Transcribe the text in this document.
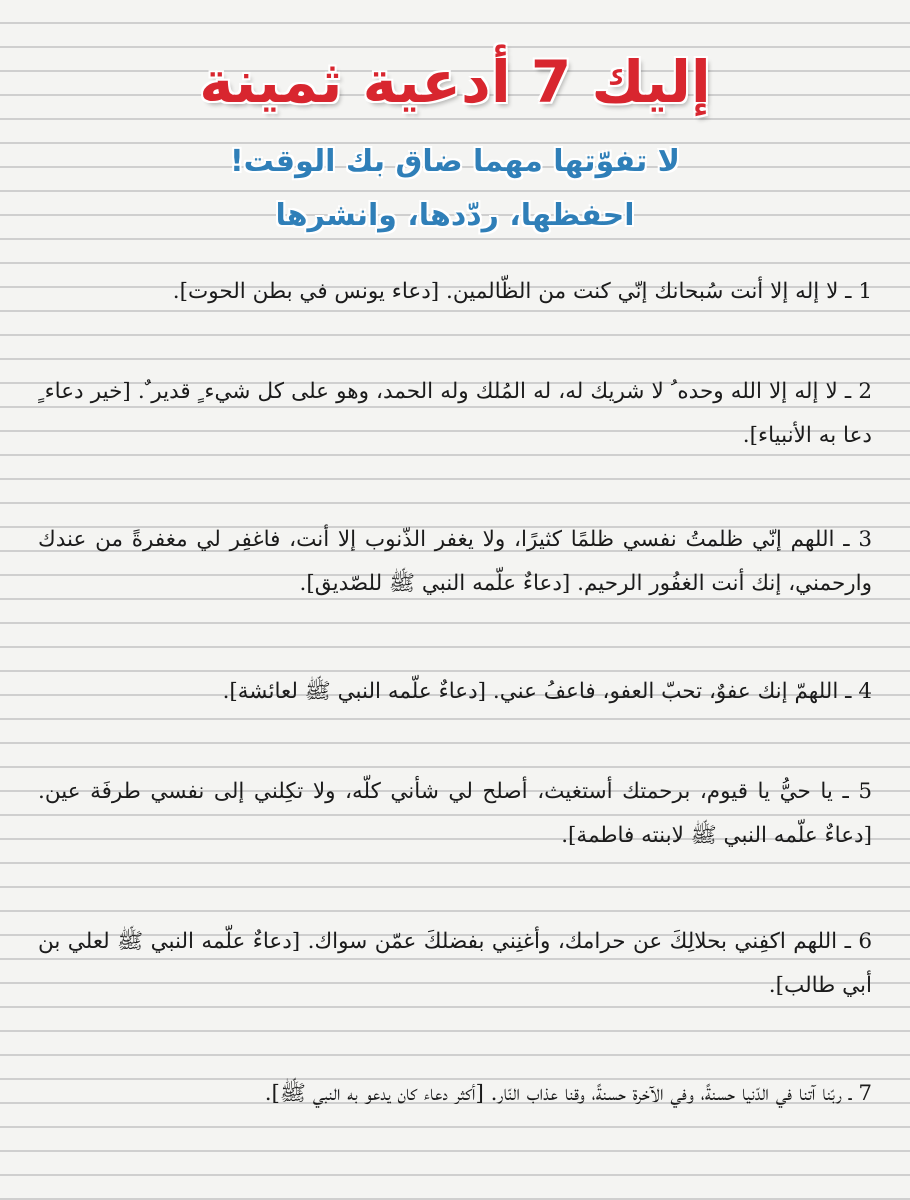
إليك 7 أدعية ثمينة
لا تفوّتها مهما ضاق بك الوقت!
احفظها، ردّدها، وانشرها
1 ـ لا إله إلا أنت سُبحانك إنّي كنت من الظّالمين. [دعاء يونس في بطن الحوت].
2 ـ لا إله إلا الله وحده ُ لا شريك له، له المُلك وله الحمد، وهو على كل شيء ٍ قدير ٌ. [خير دعاء ٍ دعا به الأنبياء].
3 ـ اللهم إنّي ظلمتُ نفسي ظلمًا كثيرًا، ولا يغفر الذّنوب إلا أنت، فاغفِر لي مغفرةً من عندك وارحمني، إنك أنت الغفُور الرحيم. [دعاءٌ علّمه النبي ﷺ للصّديق].
4 ـ اللهمّ إنك عفوٌ، تحبّ العفو، فاعفُ عني. [دعاءٌ علّمه النبي ﷺ لعائشة].
5 ـ يا حيُّ يا قيوم، برحمتك أستغيث، أصلح لي شأني كلّه، ولا تكِلني إلى نفسي طرفَة عين. [دعاءٌ علّمه النبي ﷺ لابنته فاطمة].
6 ـ اللهم اكفِني بحلالِكَ عن حرامك، وأغنِني بفضلكَ عمّن سواك. [دعاءٌ علّمه النبي ﷺ لعلي بن أبي طالب].
7 ـ ربّنا آتنا في الدّنيا حسنةً، وفي الآخرة حسنةً، وقنا عذاب النّار. [أكثر دعاء كان يدعو به النبي ﷺ].
